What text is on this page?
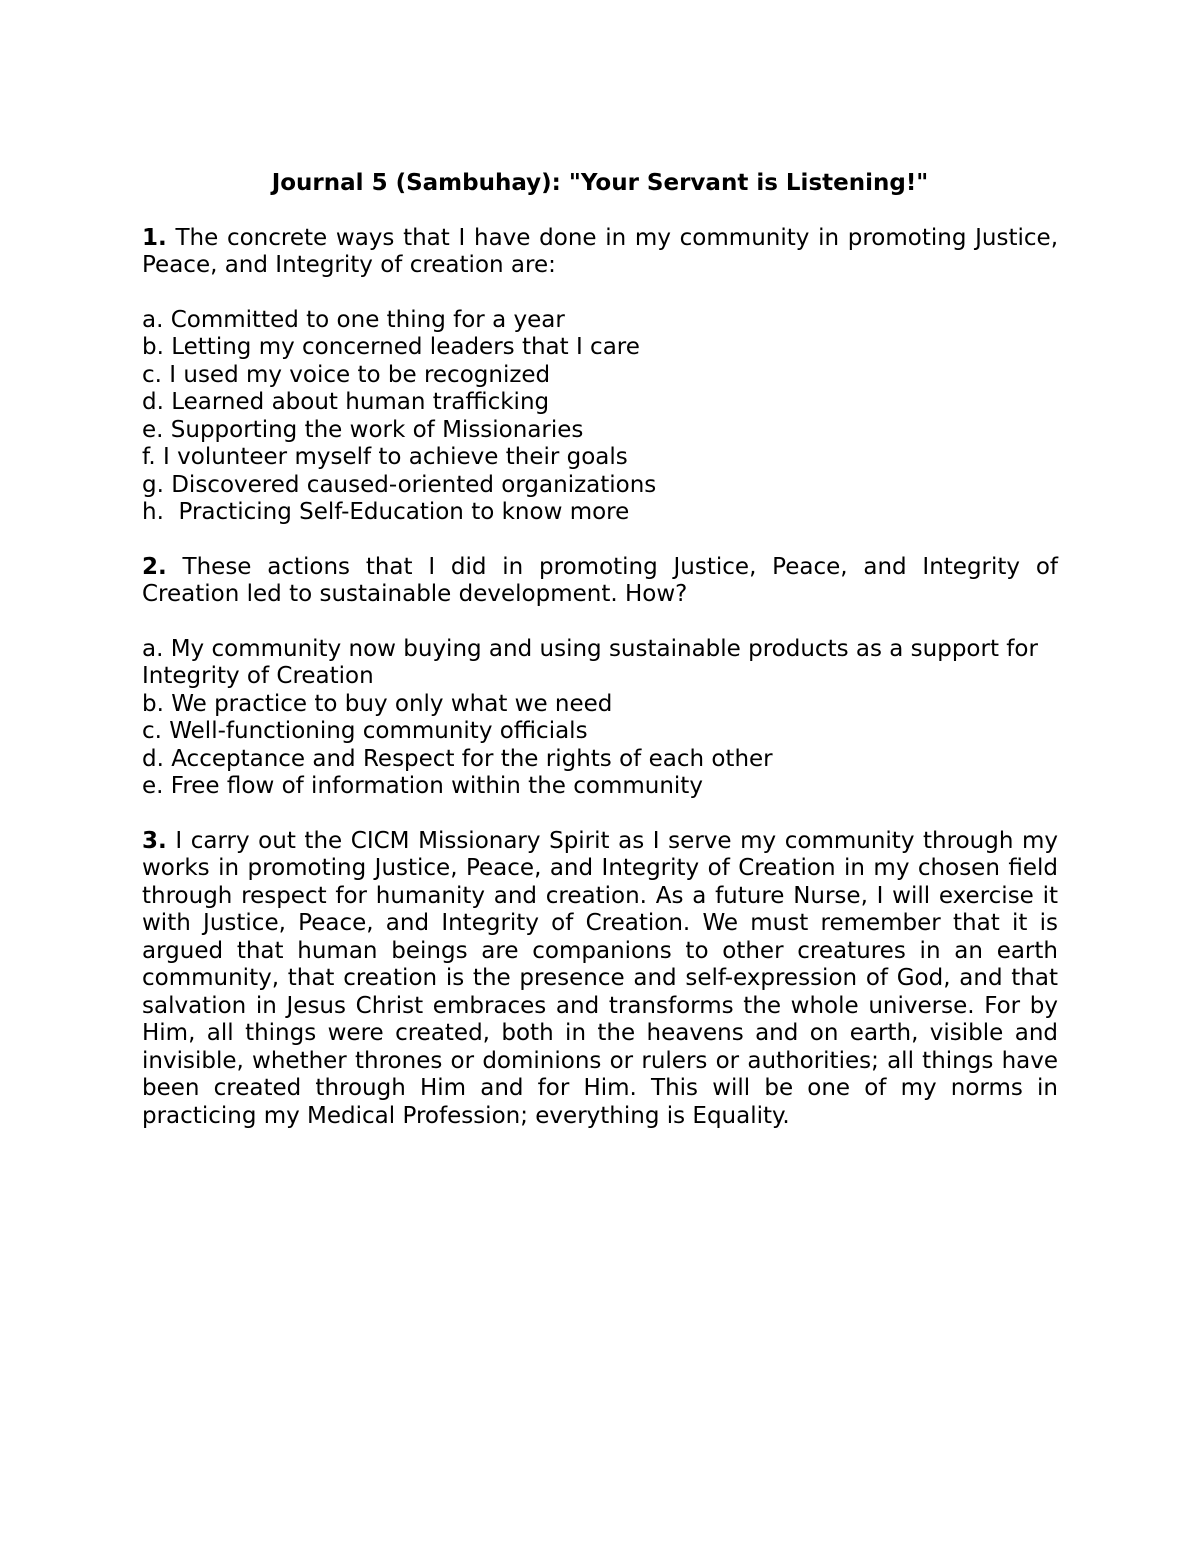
Journal 5 (Sambuhay): "Your Servant is Listening!"

1. The concrete ways that I have done in my community in promoting Justice, Peace, and Integrity of creation are:

a. Committed to one thing for a year
b. Letting my concerned leaders that I care
c. I used my voice to be recognized
d. Learned about human trafficking
e. Supporting the work of Missionaries
f. I volunteer myself to achieve their goals
g. Discovered caused-oriented organizations
h.  Practicing Self-Education to know more

2. These actions that I did in promoting Justice, Peace, and Integrity of Creation led to sustainable development. How?

a. My community now buying and using sustainable products as a support for Integrity of Creation
b. We practice to buy only what we need
c. Well-functioning community officials
d. Acceptance and Respect for the rights of each other
e. Free flow of information within the community

3. I carry out the CICM Missionary Spirit as I serve my community through my works in promoting Justice, Peace, and Integrity of Creation in my chosen field through respect for humanity and creation. As a future Nurse, I will exercise it with Justice, Peace, and Integrity of Creation. We must remember that it is argued that human beings are companions to other creatures in an earth community, that creation is the presence and self-expression of God, and that salvation in Jesus Christ embraces and transforms the whole universe. For by Him, all things were created, both in the heavens and on earth, visible and invisible, whether thrones or dominions or rulers or authorities; all things have been created through Him and for Him. This will be one of my norms in practicing my Medical Profession; everything is Equality.
